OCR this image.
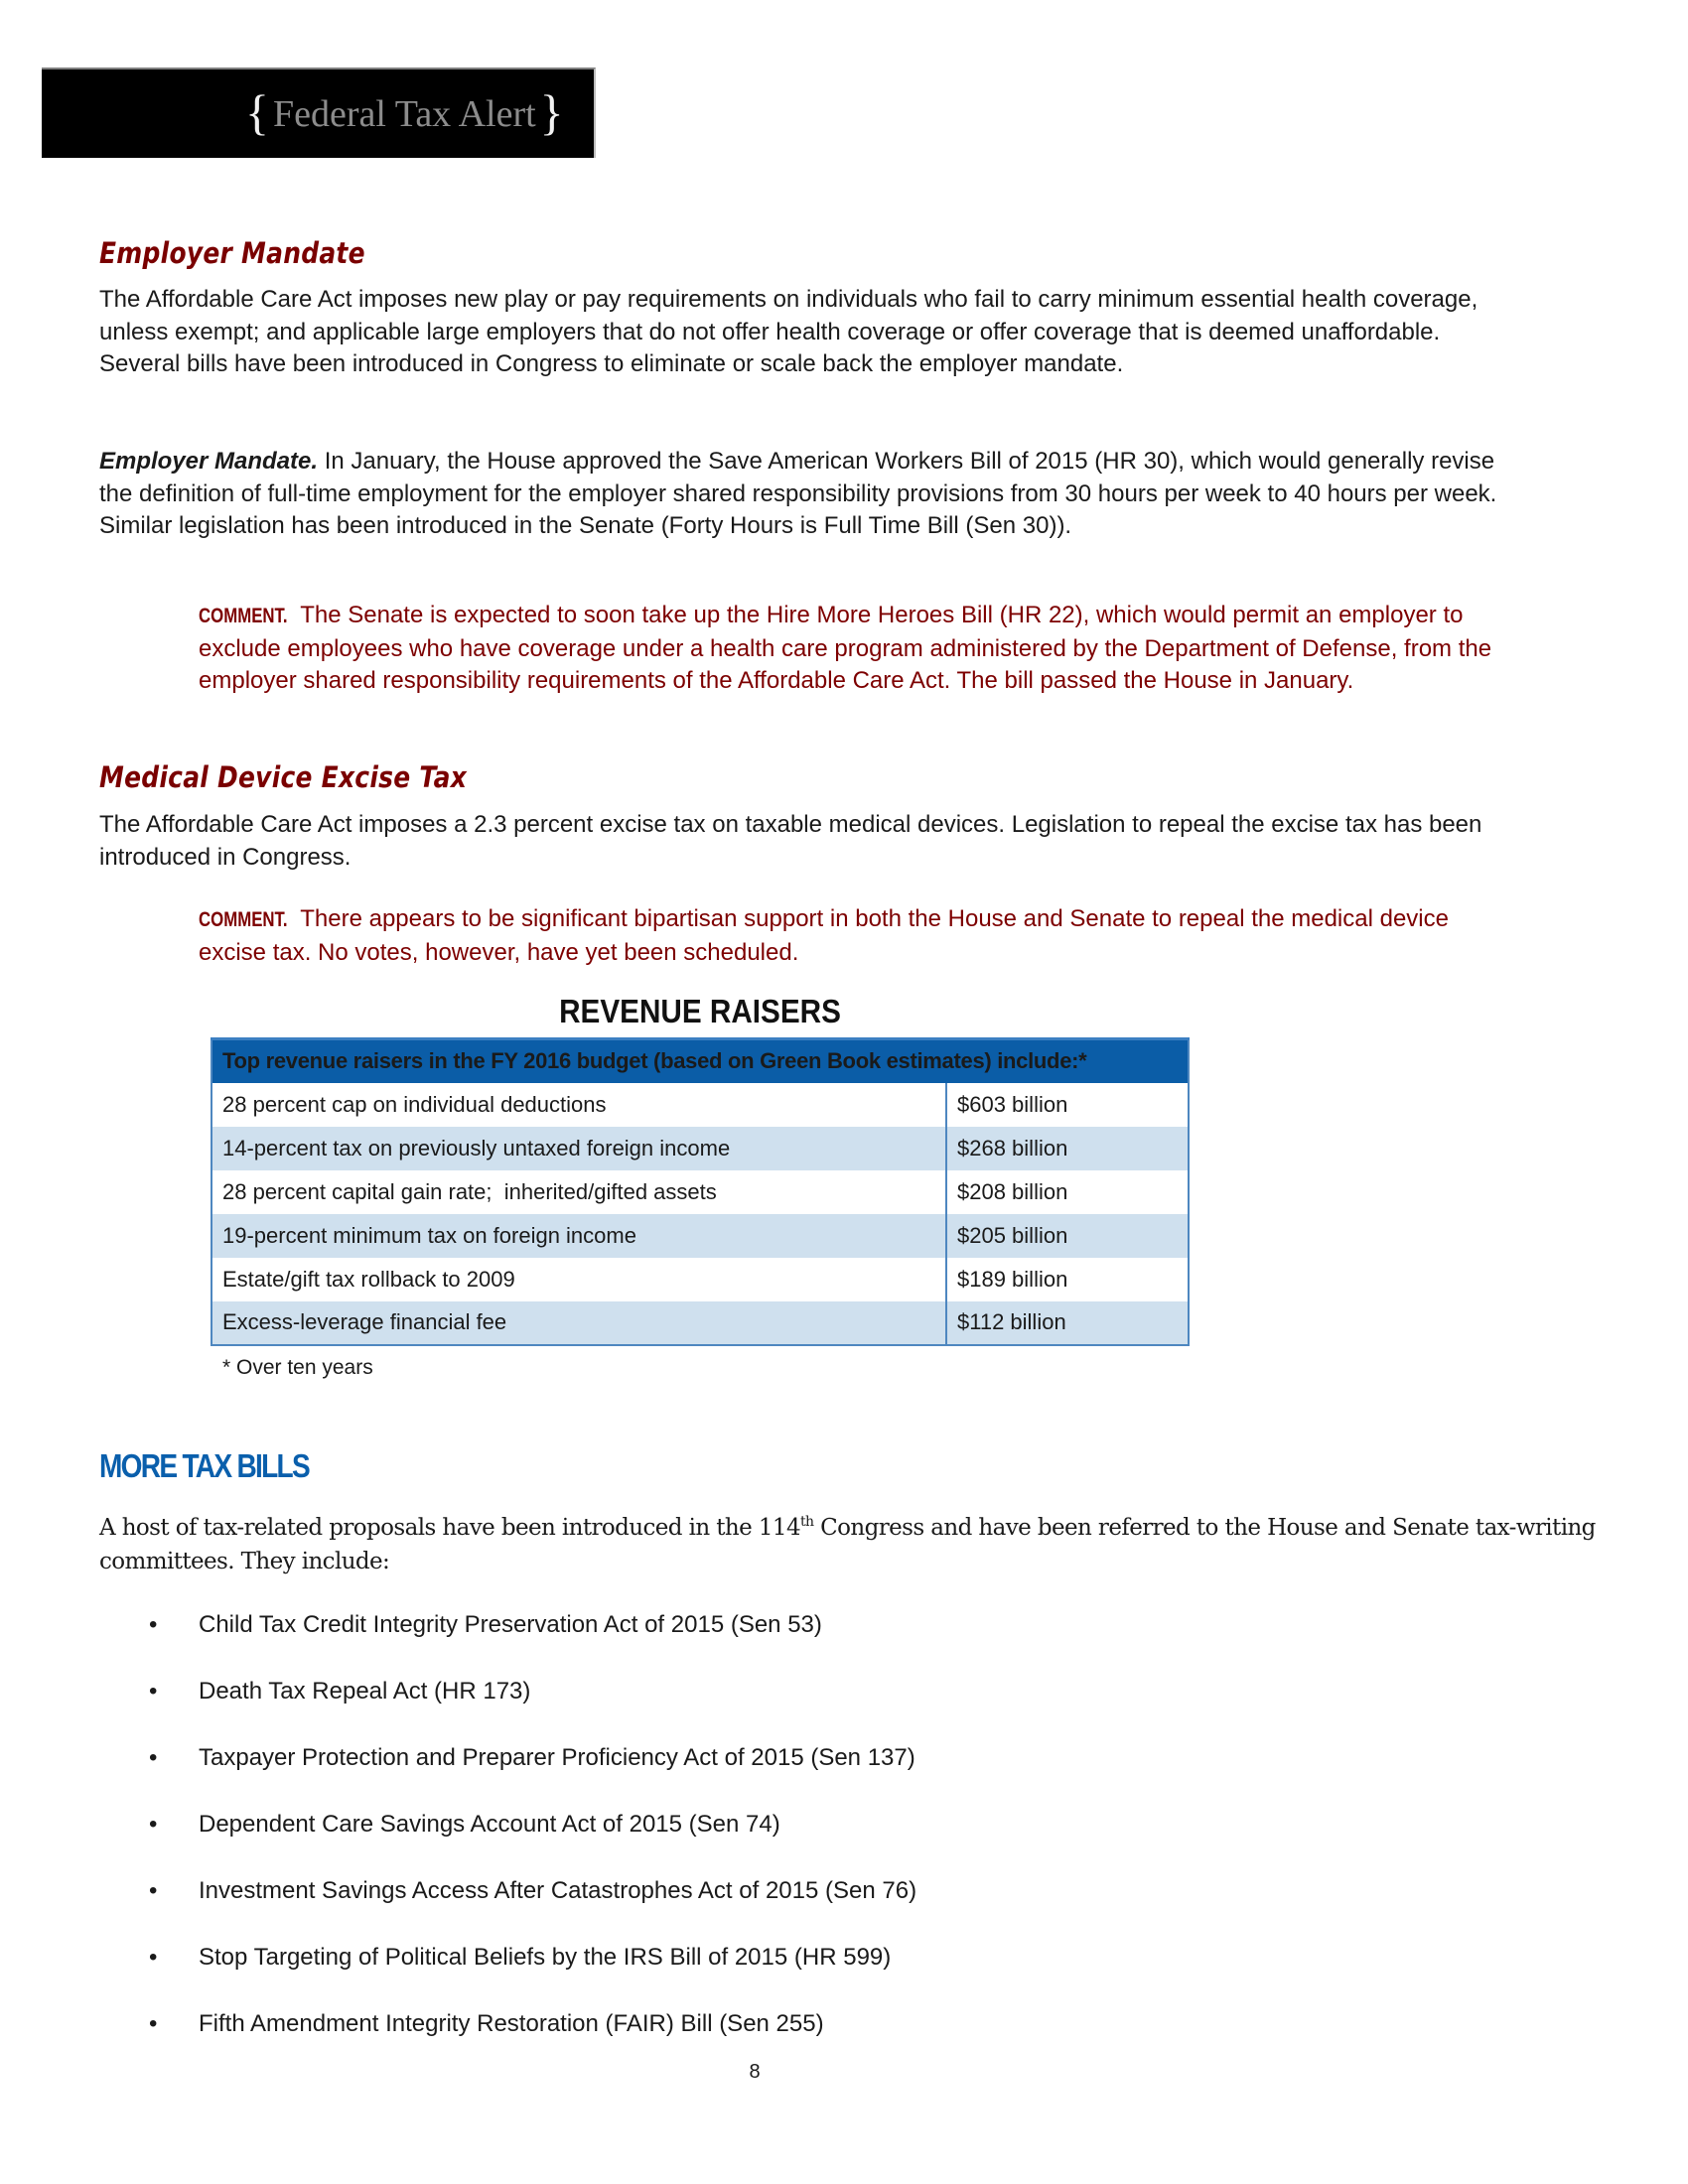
{ Federal Tax Alert}
Employer Mandate
The Affordable Care Act imposes new play or pay requirements on individuals who fail to carry minimum essential health coverage, unless exempt; and applicable large employers that do not offer health coverage or offer coverage that is deemed unaffordable. Several bills have been introduced in Congress to eliminate or scale back the employer mandate.
Employer Mandate. In January, the House approved the Save American Workers Bill of 2015 (HR 30), which would generally revise the definition of full-time employment for the employer shared responsibility provisions from 30 hours per week to 40 hours per week. Similar legislation has been introduced in the Senate (Forty Hours is Full Time Bill (Sen 30)).
COMMENT. The Senate is expected to soon take up the Hire More Heroes Bill (HR 22), which would permit an employer to exclude employees who have coverage under a health care program administered by the Department of Defense, from the employer shared responsibility requirements of the Affordable Care Act. The bill passed the House in January.
Medical Device Excise Tax
The Affordable Care Act imposes a 2.3 percent excise tax on taxable medical devices. Legislation to repeal the excise tax has been introduced in Congress.
COMMENT. There appears to be significant bipartisan support in both the House and Senate to repeal the medical device excise tax. No votes, however, have yet been scheduled.
REVENUE RAISERS
Top revenue raisers in the FY 2016 budget (based on Green Book estimates) include:*	
28 percent cap on individual deductions	$603 billion
14-percent tax on previously untaxed foreign income	$268 billion
28 percent capital gain rate;  inherited/gifted assets	$208 billion
19-percent minimum tax on foreign income	$205 billion
Estate/gift tax rollback to 2009	$189 billion
Excess-leverage financial fee	$112 billion
* Over ten years
MORE TAX BILLS
A host of tax-related proposals have been introduced in the 114th Congress and have been referred to the House and Senate tax-writing committees. They include:
•	Child Tax Credit Integrity Preservation Act of 2015 (Sen 53)
•	Death Tax Repeal Act (HR 173)
•	Taxpayer Protection and Preparer Proficiency Act of 2015 (Sen 137)
•	Dependent Care Savings Account Act of 2015 (Sen 74)
•	Investment Savings Access After Catastrophes Act of 2015 (Sen 76)
•	Stop Targeting of Political Beliefs by the IRS Bill of 2015 (HR 599)
•	Fifth Amendment Integrity Restoration (FAIR) Bill (Sen 255)
8
